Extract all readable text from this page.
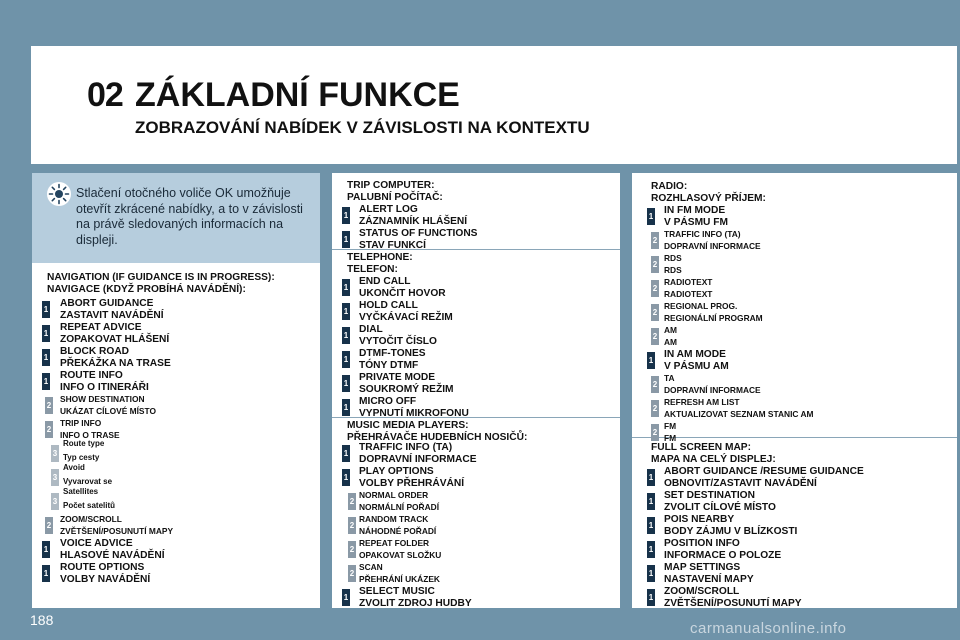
02 ZÁKLADNÍ FUNKCE
ZOBRAZOVÁNÍ NABÍDEK V ZÁVISLOSTI NA KONTEXTU
Stlačení otočného voliče OK umožňuje otevřít zkrácené nabídky, a to v závislosti na právě sledovaných informacích na displeji.
NAVIGATION (IF GUIDANCE IS IN PROGRESS):
NAVIGACE (KDYŽ PROBÍHÁ NAVÁDĚNÍ):
1
ABORT GUIDANCE
ZASTAVIT NAVÁDĚNÍ
1
REPEAT ADVICE
ZOPAKOVAT HLÁŠENÍ
1
BLOCK ROAD
PŘEKÁŽKA NA TRASE
1
ROUTE INFO
INFO O ITINERÁŘI
2
SHOW DESTINATION
UKÁZAT CÍLOVÉ MÍSTO
2
TRIP INFO
INFO O TRASE
3
Route type
Typ cesty
3
Avoid
Vyvarovat se
3
Satellites
Počet satelitů
2
ZOOM/SCROLL
ZVĚTŠENÍ/POSUNUTÍ MAPY
1
VOICE ADVICE
HLASOVÉ NAVÁDĚNÍ
1
ROUTE OPTIONS
VOLBY NAVÁDĚNÍ
TRIP COMPUTER:
PALUBNÍ POČÍTAČ:
1
ALERT LOG
ZÁZNAMNÍK HLÁŠENÍ
1
STATUS OF FUNCTIONS
STAV FUNKCÍ
TELEPHONE:
TELEFON:
1
END CALL
UKONČIT HOVOR
1
HOLD CALL
VYČKÁVACÍ REŽIM
1
DIAL
VYTOČIT ČÍSLO
1
DTMF-TONES
TÓNY DTMF
1
PRIVATE MODE
SOUKROMÝ REŽIM
1
MICRO OFF
VYPNUTÍ MIKROFONU
MUSIC MEDIA PLAYERS:
PŘEHRÁVAČE HUDEBNÍCH NOSIČŮ:
1
TRAFFIC INFO (TA)
DOPRAVNÍ INFORMACE
1
PLAY OPTIONS
VOLBY PŘEHRÁVÁNÍ
2
NORMAL ORDER
NORMÁLNÍ POŘADÍ
2
RANDOM TRACK
NÁHODNÉ POŘADÍ
2
REPEAT FOLDER
OPAKOVAT SLOŽKU
2
SCAN
PŘEHRÁNÍ UKÁZEK
1
SELECT MUSIC
ZVOLIT ZDROJ HUDBY
RADIO:
ROZHLASOVÝ PŘÍJEM:
1
IN FM MODE
V PÁSMU FM
2
TRAFFIC INFO (TA)
DOPRAVNÍ INFORMACE
2
RDS
RDS
2
RADIOTEXT
RADIOTEXT
2
REGIONAL PROG.
REGIONÁLNÍ PROGRAM
2
AM
AM
1
IN AM MODE
V PÁSMU AM
2
TA
DOPRAVNÍ INFORMACE
2
REFRESH AM LIST
AKTUALIZOVAT SEZNAM STANIC AM
2
FM
FM
FULL SCREEN MAP:
MAPA NA CELÝ DISPLEJ:
1
ABORT GUIDANCE /RESUME GUIDANCE
OBNOVIT/ZASTAVIT NAVÁDĚNÍ
1
SET DESTINATION
ZVOLIT CÍLOVÉ MÍSTO
1
POIS NEARBY
BODY ZÁJMU V BLÍZKOSTI
1
POSITION INFO
INFORMACE O POLOZE
1
MAP SETTINGS
NASTAVENÍ MAPY
1
ZOOM/SCROLL
ZVĚTŠENÍ/POSUNUTÍ MAPY
188	carmanualsonline.info
